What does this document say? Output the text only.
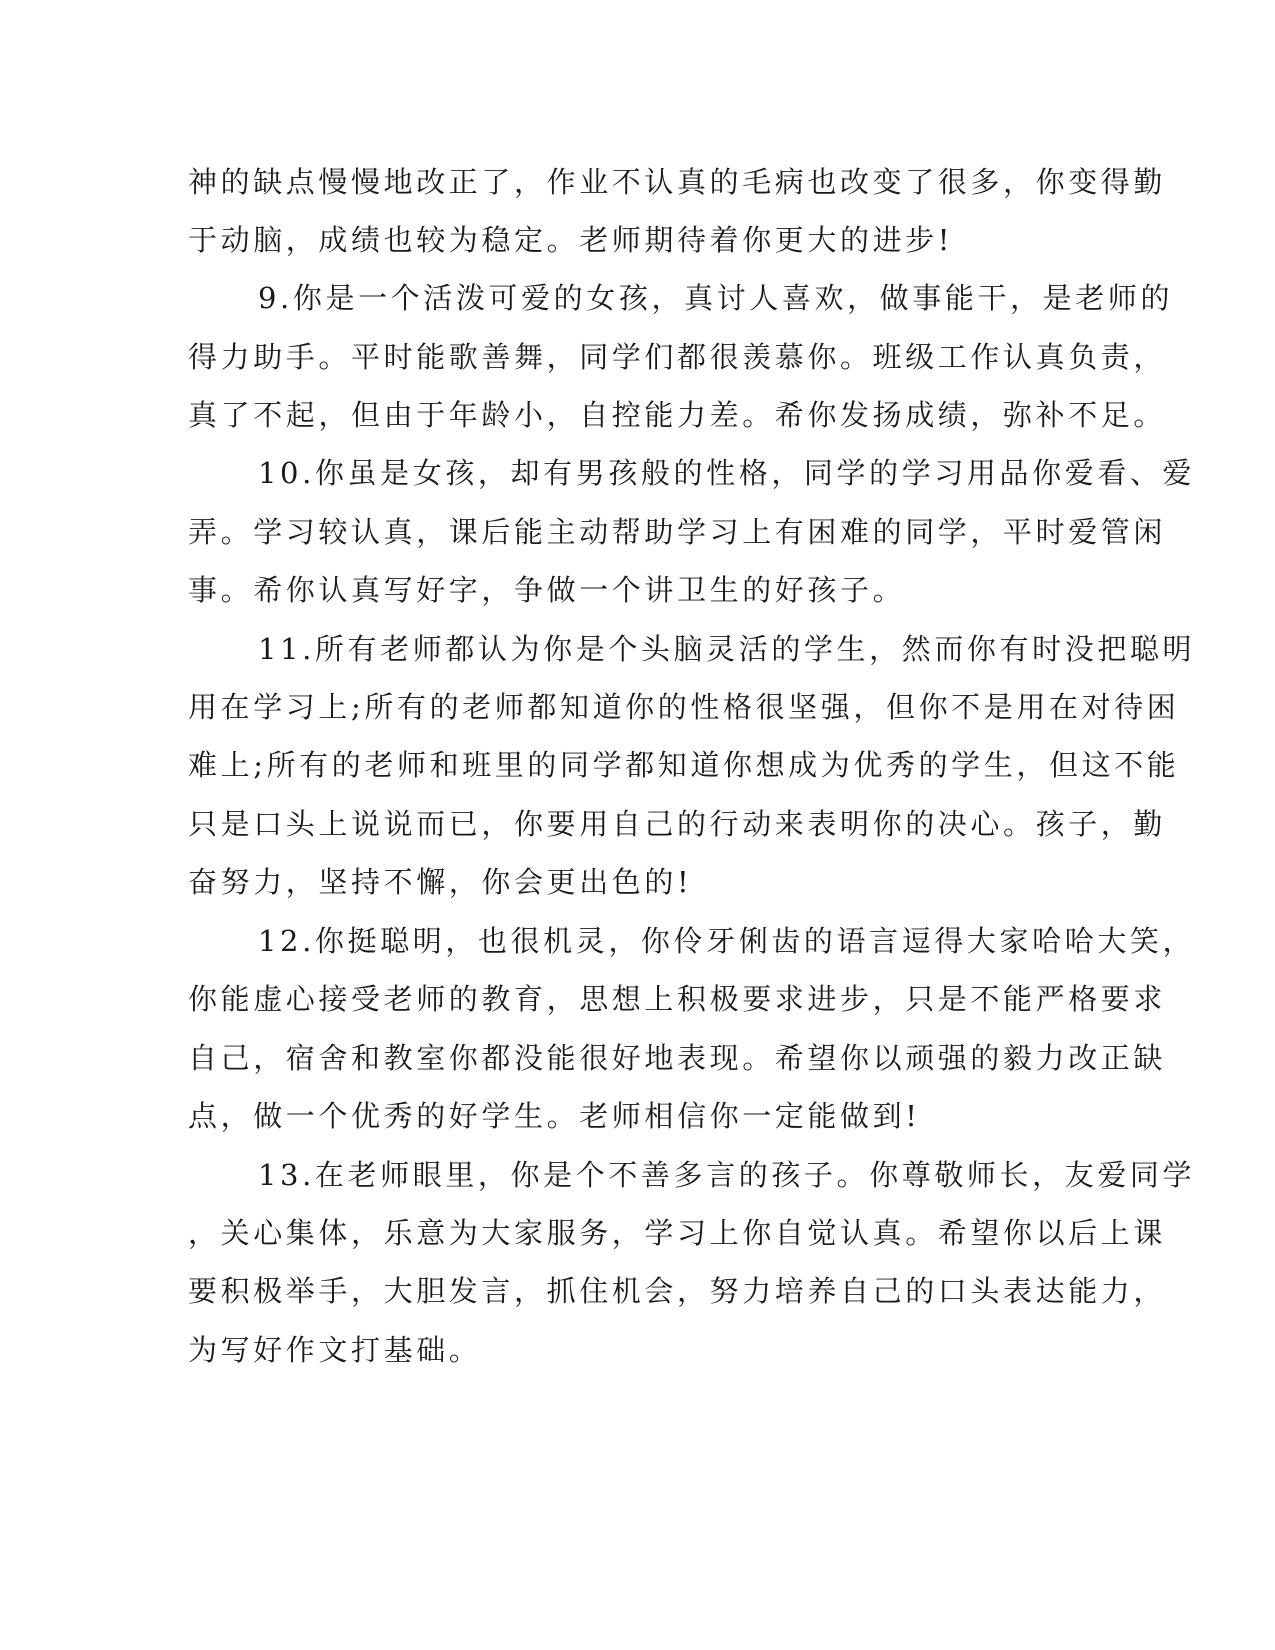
神的缺点慢慢地改正了，作业不认真的毛病也改变了很多，你变得勤
于动脑，成绩也较为稳定。老师期待着你更大的进步!
9.你是一个活泼可爱的女孩，真讨人喜欢，做事能干，是老师的
得力助手。平时能歌善舞，同学们都很羡慕你。班级工作认真负责，
真了不起，但由于年龄小，自控能力差。希你发扬成绩，弥补不足。
10.你虽是女孩，却有男孩般的性格，同学的学习用品你爱看、爱
弄。学习较认真，课后能主动帮助学习上有困难的同学，平时爱管闲
事。希你认真写好字，争做一个讲卫生的好孩子。
11.所有老师都认为你是个头脑灵活的学生，然而你有时没把聪明
用在学习上;所有的老师都知道你的性格很坚强，但你不是用在对待困
难上;所有的老师和班里的同学都知道你想成为优秀的学生，但这不能
只是口头上说说而已，你要用自己的行动来表明你的决心。孩子，勤
奋努力，坚持不懈，你会更出色的!
12.你挺聪明，也很机灵，你伶牙俐齿的语言逗得大家哈哈大笑，
你能虚心接受老师的教育，思想上积极要求进步，只是不能严格要求
自己，宿舍和教室你都没能很好地表现。希望你以顽强的毅力改正缺
点，做一个优秀的好学生。老师相信你一定能做到!
13.在老师眼里，你是个不善多言的孩子。你尊敬师长，友爱同学
，关心集体，乐意为大家服务，学习上你自觉认真。希望你以后上课
要积极举手，大胆发言，抓住机会，努力培养自己的口头表达能力，
为写好作文打基础。
